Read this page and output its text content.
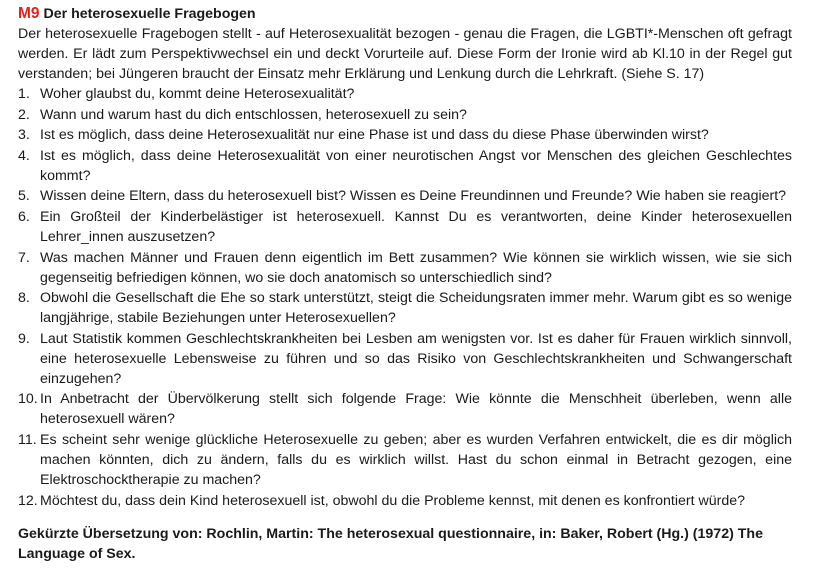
M9 Der heterosexuelle Fragebogen

Der heterosexuelle Fragebogen stellt - auf Heterosexualität bezogen - genau die Fragen, die LGBTI*-Menschen oft gefragt werden. Er lädt zum Perspektivwechsel ein und deckt Vorurteile auf. Diese Form der Ironie wird ab Kl.10 in der Regel gut verstanden; bei Jüngeren braucht der Einsatz mehr Erklärung und Lenkung durch die Lehrkraft. (Siehe S. 17)

1. Woher glaubst du, kommt deine Heterosexualität?
2. Wann und warum hast du dich entschlossen, heterosexuell zu sein?
3. Ist es möglich, dass deine Heterosexualität nur eine Phase ist und dass du diese Phase überwinden wirst?
4. Ist es möglich, dass deine Heterosexualität von einer neurotischen Angst vor Menschen des gleichen Geschlechtes kommt?
5. Wissen deine Eltern, dass du heterosexuell bist? Wissen es Deine Freundinnen und Freunde? Wie haben sie reagiert?
6. Ein Großteil der Kinderbelästiger ist heterosexuell. Kannst Du es verantworten, deine Kinder heterosexuellen Lehrer_innen auszusetzen?
7. Was machen Männer und Frauen denn eigentlich im Bett zusammen? Wie können sie wirklich wissen, wie sie sich gegenseitig befriedigen können, wo sie doch anatomisch so unterschiedlich sind?
8. Obwohl die Gesellschaft die Ehe so stark unterstützt, steigt die Scheidungsraten immer mehr. Warum gibt es so wenige langjährige, stabile Beziehungen unter Heterosexuellen?
9. Laut Statistik kommen Geschlechtskrankheiten bei Lesben am wenigsten vor. Ist es daher für Frauen wirklich sinnvoll, eine heterosexuelle Lebensweise zu führen und so das Risiko von Geschlechtskrankheiten und Schwangerschaft einzugehen?
10. In Anbetracht der Übervölkerung stellt sich folgende Frage: Wie könnte die Menschheit überleben, wenn alle heterosexuell wären?
11. Es scheint sehr wenige glückliche Heterosexuelle zu geben; aber es wurden Verfahren entwickelt, die es dir möglich machen könnten, dich zu ändern, falls du es wirklich willst. Hast du schon einmal in Betracht gezogen, eine Elektroschocktherapie zu machen?
12. Möchtest du, dass dein Kind heterosexuell ist, obwohl du die Probleme kennst, mit denen es konfrontiert würde?

Gekürzte Übersetzung von: Rochlin, Martin: The heterosexual questionnaire, in: Baker, Robert (Hg.) (1972) The Language of Sex.
